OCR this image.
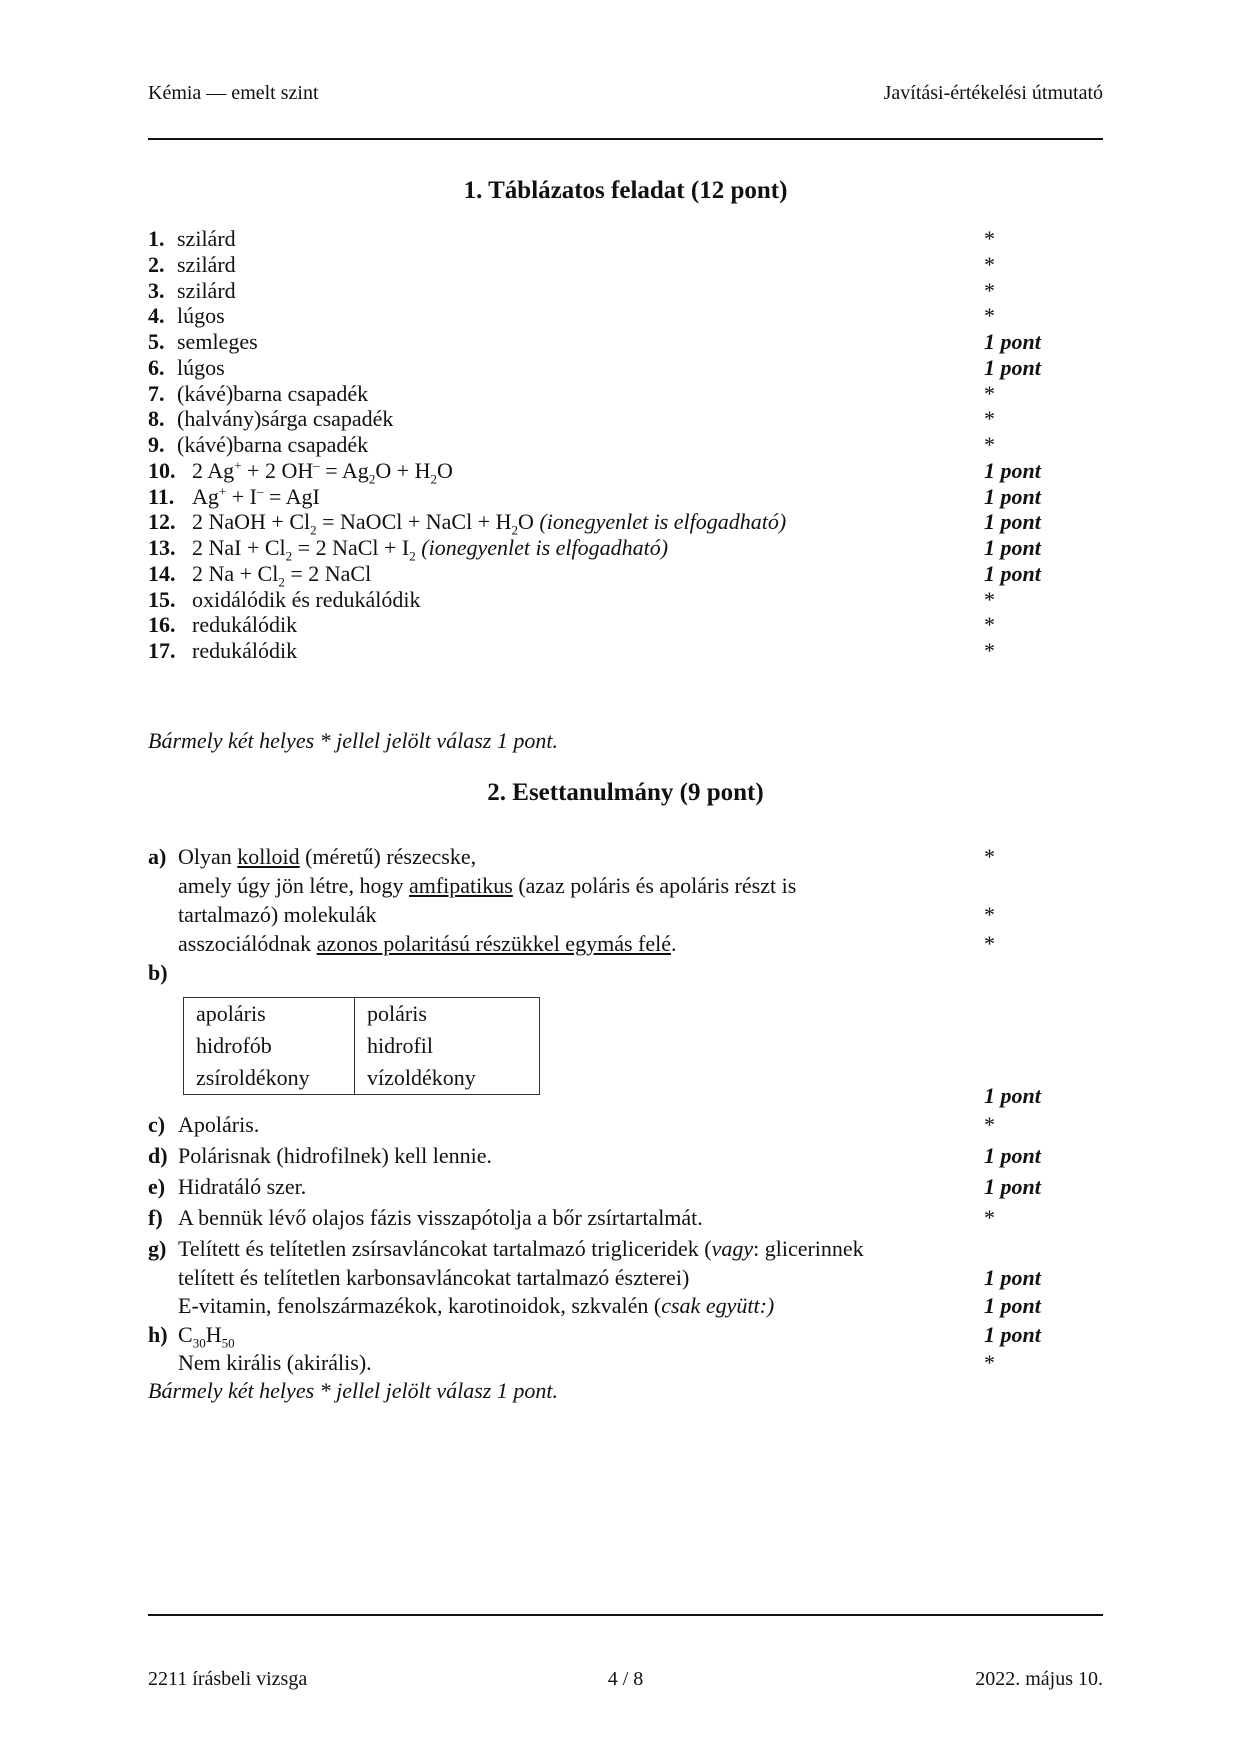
Kémia — emelt szint	Javítási-értékelési útmutató
1. Táblázatos feladat (12 pont)
1. szilárd	*
2. szilárd	*
3. szilárd	*
4. lúgos	*
5. semleges	1 pont
6. lúgos	1 pont
7. (kávé)barna csapadék	*
8. (halvány)sárga csapadék	*
9. (kávé)barna csapadék	*
10. 2 Ag+ + 2 $OH^- = Ag_2O + H_2O$	1 pont
11. Ag+ + I– = AgI	1 pont
12. 2 NaOH + $Cl_2$ = NaOCl + NaCl + $H_2O$ (ionegyenlet is elfogadható)	1 pont
13. 2 NaI + $Cl_2 = 2$ NaCl + $I_2$ (ionegyenlet is elfogadható)	1 pont
14. 2 $Na + Cl_2 = 2$ NaCl	1 pont
15. oxidálódik és redukálódik	*
16. redukálódik	*
17. redukálódik	*
Bármely két helyes * jellel jelölt válasz 1 pont.
2. Esettanulmány (9 pont)
a) Olyan kolloid (méretű) részecske,	*
amely úgy jön létre, hogy amfipatikus (azaz poláris és apoláris részt is
tartalmazó) molekulák	*
asszociálódnak azonos polaritású részükkel egymás felé.	*
b)
apoláris	poláris
hidrofób	hidrofil
zsíroldékony	vízoldékony
1 pont
c) Apoláris.	*
d) Polárisnak (hidrofilnek) kell lennie.	1 pont
e) Hidratáló szer.	1 pont
f) A bennük lévő olajos fázis visszapótolja a bőr zsírtartalmát.	*
g) Telített és telítetlen zsírsavláncokat tartalmazó trigliceridek (vagy: glicerinnek
telített és telítetlen karbonsavláncokat tartalmazó észterei)	1 pont
E-vitamin, fenolszármazékok, karotinoidok, szkvalén (csak együtt:)	1 pont
h) $C_{30}H_{50}$	1 pont
Nem királis (akirális).	*
Bármely két helyes * jellel jelölt válasz 1 pont.
2211 írásbeli vizsga	4 / 8	2022. május 10.
